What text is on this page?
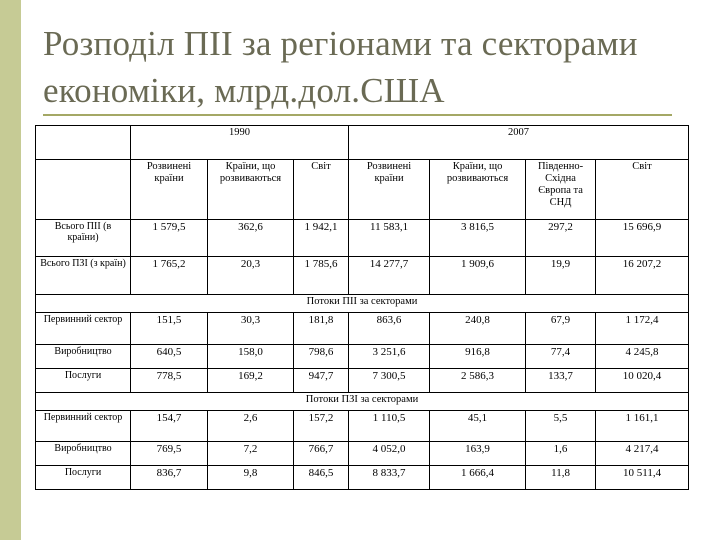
Розподіл ПІІ за регіонами та секторами економіки, млрд.дол.США
	1990			2007			
	Розвинені країни	Країни, що розвиваються	Світ	Розвинені країни	Країни, що розвиваються	Південно-Східна Європа та СНД	Світ
Всього ПІІ (в країни)	1 579,5	362,6	1 942,1	11 583,1	3 816,5	297,2	15 696,9
Всього ПЗІ (з країн)	1 765,2	20,3	1 785,6	14 277,7	1 909,6	19,9	16 207,2
Потоки ПІІ за секторами							
Первинний сектор	151,5	30,3	181,8	863,6	240,8	67,9	1 172,4
Виробництво	640,5	158,0	798,6	3 251,6	916,8	77,4	4 245,8
Послуги	778,5	169,2	947,7	7 300,5	2 586,3	133,7	10 020,4
Потоки ПЗІ за секторами							
Первинний сектор	154,7	2,6	157,2	1 110,5	45,1	5,5	1 161,1
Виробництво	769,5	7,2	766,7	4 052,0	163,9	1,6	4 217,4
Послуги	836,7	9,8	846,5	8 833,7	1 666,4	11,8	10 511,4
